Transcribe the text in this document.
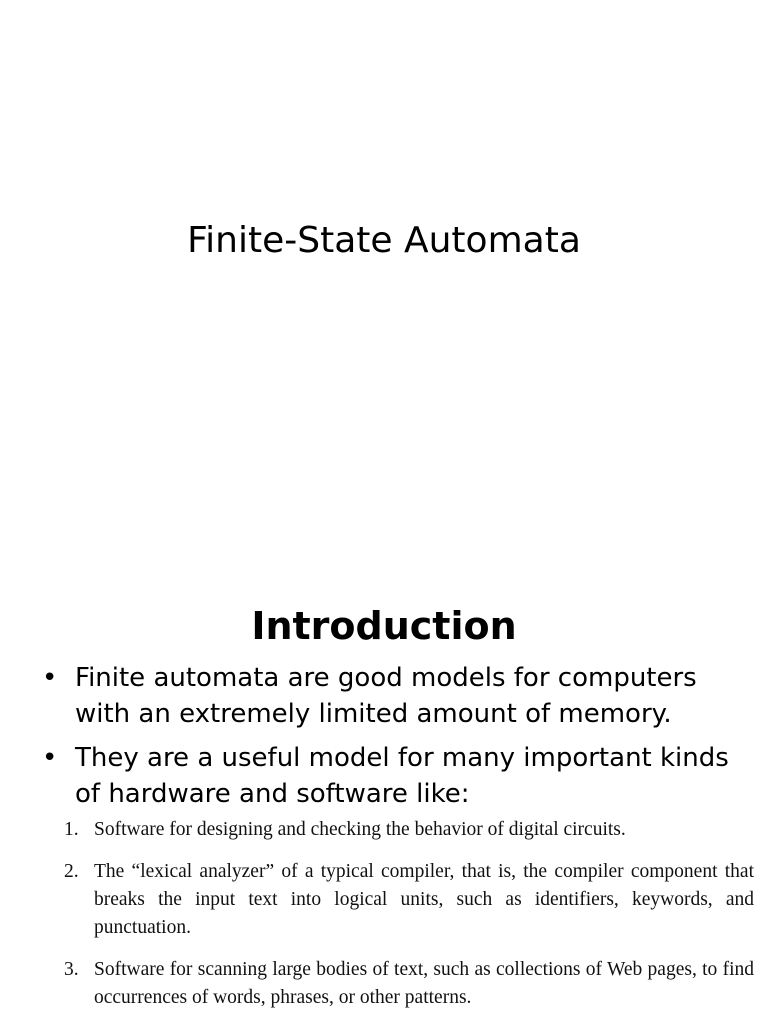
Finite-State Automata
Introduction
• Finite automata are good models for computers with an extremely limited amount of memory.
• They are a useful model for many important kinds of hardware and software like:
1. Software for designing and checking the behavior of digital circuits.
2. The “lexical analyzer” of a typical compiler, that is, the compiler component that breaks the input text into logical units, such as identifiers, keywords, and punctuation.
3. Software for scanning large bodies of text, such as collections of Web pages, to find occurrences of words, phrases, or other patterns.
